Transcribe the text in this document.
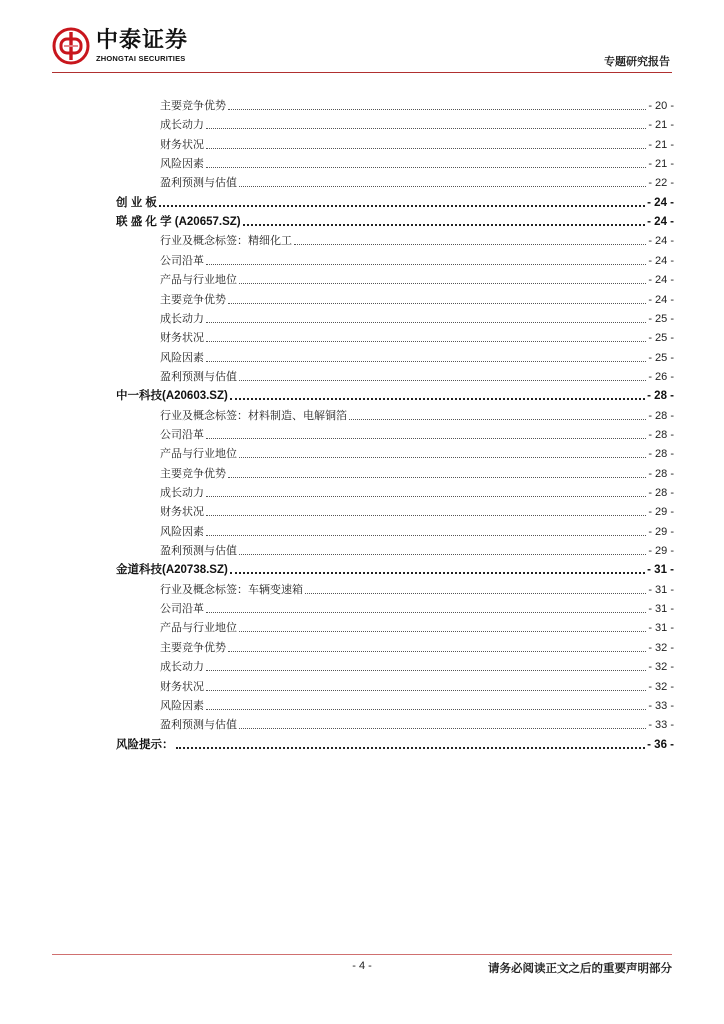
中泰证券
ZHONGTAI SECURITIES	专题研究报告
主要竞争优势	- 20 -
成长动力	- 21 -
财务状况	- 21 -
风险因素	- 21 -
盈利预测与估值	- 22 -
创 业 板	- 24 -
联 盛 化 学 (A20657.SZ)	- 24 -
行业及概念标签：精细化工	- 24 -
公司沿革	- 24 -
产品与行业地位	- 24 -
主要竞争优势	- 24 -
成长动力	- 25 -
财务状况	- 25 -
风险因素	- 25 -
盈利预测与估值	- 26 -
中一科技(A20603.SZ)	- 28 -
行业及概念标签：材料制造、电解铜箔	- 28 -
公司沿革	- 28 -
产品与行业地位	- 28 -
主要竞争优势	- 28 -
成长动力	- 28 -
财务状况	- 29 -
风险因素	- 29 -
盈利预测与估值	- 29 -
金道科技(A20738.SZ)	- 31 -
行业及概念标签：车辆变速箱	- 31 -
公司沿革	- 31 -
产品与行业地位	- 31 -
主要竞争优势	- 32 -
成长动力	- 32 -
财务状况	- 32 -
风险因素	- 33 -
盈利预测与估值	- 33 -
风险提示：	- 36 -
- 4 -	请务必阅读正文之后的重要声明部分
